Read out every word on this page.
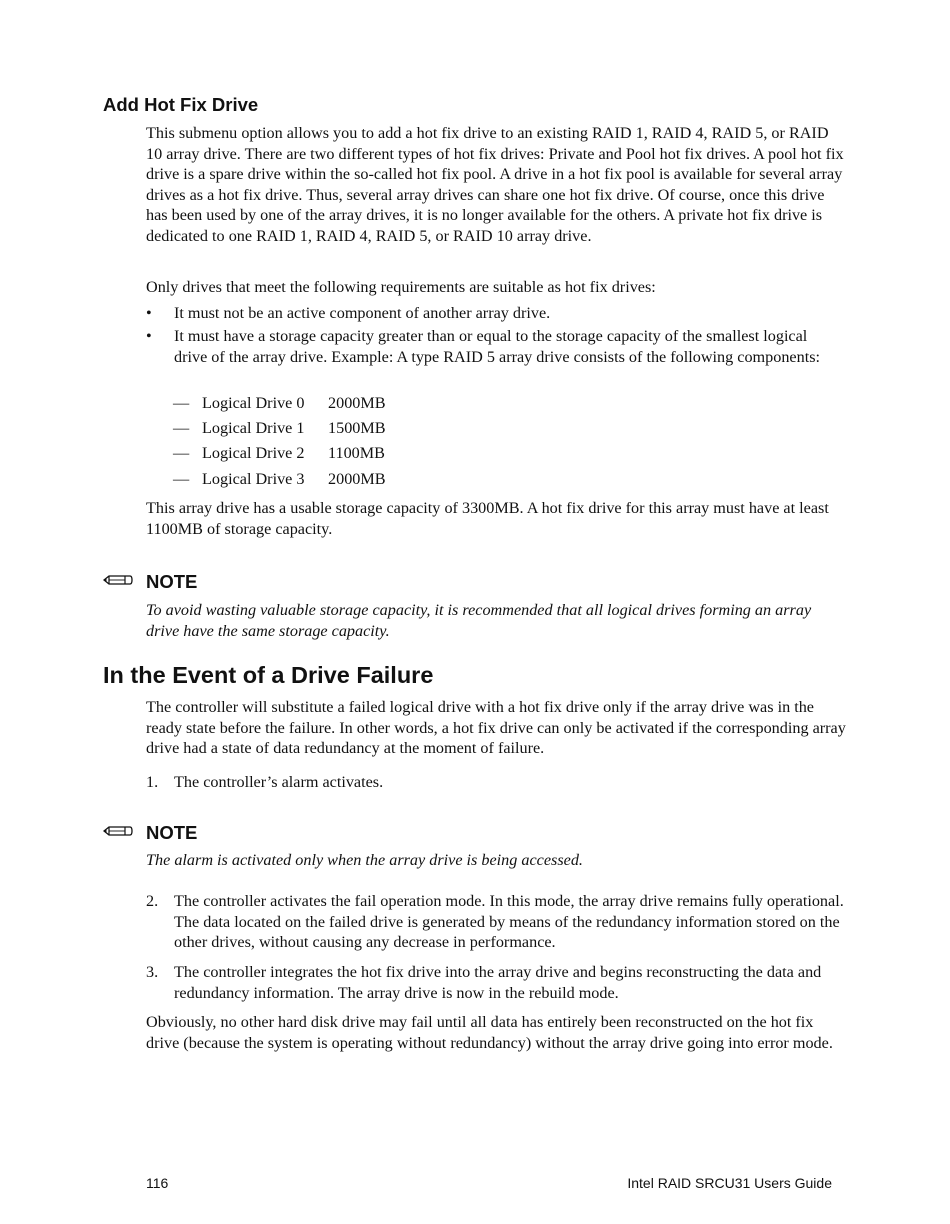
Add Hot Fix Drive
This submenu option allows you to add a hot fix drive to an existing RAID 1, RAID 4, RAID 5, or RAID 10 array drive. There are two different types of hot fix drives: Private and Pool hot fix drives. A pool hot fix drive is a spare drive within the so-called hot fix pool. A drive in a hot fix pool is available for several array drives as a hot fix drive. Thus, several array drives can share one hot fix drive. Of course, once this drive has been used by one of the array drives, it is no longer available for the others. A private hot fix drive is dedicated to one RAID 1, RAID 4, RAID 5, or RAID 10 array drive.
Only drives that meet the following requirements are suitable as hot fix drives:
•	It must not be an active component of another array drive.
•	It must have a storage capacity greater than or equal to the storage capacity of the smallest logical drive of the array drive. Example: A type RAID 5 array drive consists of the following components:
— Logical Drive 0 2000MB
— Logical Drive 1 1500MB
— Logical Drive 2 1100MB
— Logical Drive 3 2000MB
This array drive has a usable storage capacity of 3300MB. A hot fix drive for this array must have at least 1100MB of storage capacity.
NOTE
To avoid wasting valuable storage capacity, it is recommended that all logical drives forming an array drive have the same storage capacity.
In the Event of a Drive Failure
The controller will substitute a failed logical drive with a hot fix drive only if the array drive was in the ready state before the failure. In other words, a hot fix drive can only be activated if the corresponding array drive had a state of data redundancy at the moment of failure.
1. The controller’s alarm activates.
NOTE
The alarm is activated only when the array drive is being accessed.
2. The controller activates the fail operation mode. In this mode, the array drive remains fully operational. The data located on the failed drive is generated by means of the redundancy information stored on the other drives, without causing any decrease in performance.
3. The controller integrates the hot fix drive into the array drive and begins reconstructing the data and redundancy information. The array drive is now in the rebuild mode.
Obviously, no other hard disk drive may fail until all data has entirely been reconstructed on the hot fix drive (because the system is operating without redundancy) without the array drive going into error mode.
116	Intel RAID SRCU31 Users Guide
